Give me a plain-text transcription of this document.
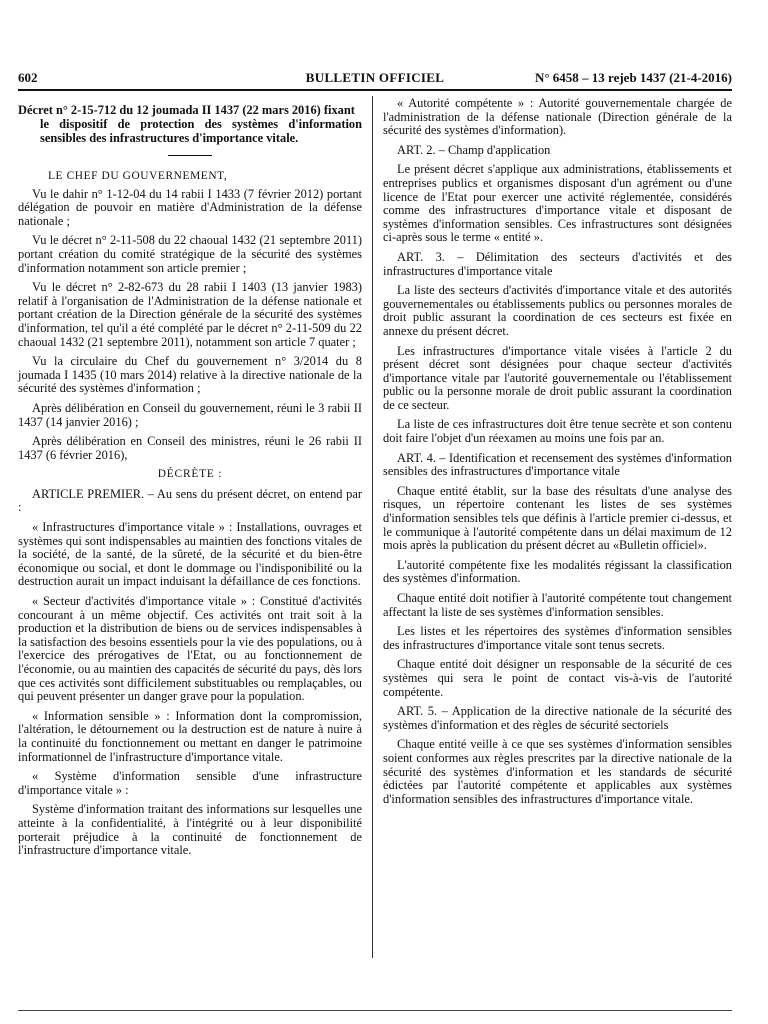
602	BULLETIN OFFICIEL	N° 6458 – 13 rejeb 1437 (21-4-2016)
Décret n° 2-15-712 du 12 joumada II 1437 (22 mars 2016) fixant
le dispositif de protection des systèmes d'information sensibles des infrastructures d'importance vitale.
LE CHEF DU GOUVERNEMENT,

Vu le dahir n° 1-12-04 du 14 rabii I 1433 (7 février 2012) portant délégation de pouvoir en matière d'Administration de la défense nationale ;

Vu le décret n° 2-11-508 du 22 chaoual 1432 (21 septembre 2011) portant création du comité stratégique de la sécurité des systèmes d'information notamment son article premier ;

Vu le décret n° 2-82-673 du 28 rabii I 1403 (13 janvier 1983) relatif à l'organisation de l'Administration de la défense nationale et portant création de la Direction générale de la sécurité des systèmes d'information, tel qu'il a été complété par le décret n° 2-11-509 du 22 chaoual 1432 (21 septembre 2011), notamment son article 7 quater ;

Vu la circulaire du Chef du gouvernement n° 3/2014 du 8 joumada I 1435 (10 mars 2014) relative à la directive nationale de la sécurité des systèmes d'information ;

Après délibération en Conseil du gouvernement, réuni le 3 rabii II 1437 (14 janvier 2016) ;

Après délibération en Conseil des ministres, réuni le 26 rabii II 1437 (6 février 2016),

DÉCRÈTE :

ARTICLE PREMIER. – Au sens du présent décret, on entend par :

« Infrastructures d'importance vitale » : Installations, ouvrages et systèmes qui sont indispensables au maintien des fonctions vitales de la société, de la santé, de la sûreté, de la sécurité et du bien-être économique ou social, et dont le dommage ou l'indisponibilité ou la destruction aurait un impact induisant la défaillance de ces fonctions.

« Secteur d'activités d'importance vitale » : Constitué d'activités concourant à un même objectif. Ces activités ont trait soit à la production et la distribution de biens ou de services indispensables à la satisfaction des besoins essentiels pour la vie des populations, ou à l'exercice des prérogatives de l'Etat, ou au fonctionnement de l'économie, ou au maintien des capacités de sécurité du pays, dès lors que ces activités sont difficilement substituables ou remplaçables, ou qui peuvent présenter un danger grave pour la population.

« Information sensible » : Information dont la compromission, l'altération, le détournement ou la destruction est de nature à nuire à la continuité du fonctionnement ou mettant en danger le patrimoine informationnel de l'infrastructure d'importance vitale.

« Système d'information sensible d'une infrastructure d'importance vitale » :

Système d'information traitant des informations sur lesquelles une atteinte à la confidentialité, à l'intégrité ou à leur disponibilité porterait préjudice à la continuité de fonctionnement de l'infrastructure d'importance vitale.

« Autorité compétente » : Autorité gouvernementale chargée de l'administration de la défense nationale (Direction générale de la sécurité des systèmes d'information).

ART. 2. – Champ d'application

Le présent décret s'applique aux administrations, établissements et entreprises publics et organismes disposant d'un agrément ou d'une licence de l'Etat pour exercer une activité réglementée, considérés comme des infrastructures d'importance vitale et disposant de systèmes d'information sensibles. Ces infrastructures sont désignées ci-après sous le terme « entité ».

ART. 3. – Délimitation des secteurs d'activités et des infrastructures d'importance vitale

La liste des secteurs d'activités d'importance vitale et des autorités gouvernementales ou établissements publics ou personnes morales de droit public assurant la coordination de ces secteurs est fixée en annexe du présent décret.

Les infrastructures d'importance vitale visées à l'article 2 du présent décret sont désignées pour chaque secteur d'activités d'importance vitale par l'autorité gouvernementale ou l'établissement public ou la personne morale de droit public assurant la coordination de ce secteur.

La liste de ces infrastructures doit être tenue secrète et son contenu doit faire l'objet d'un réexamen au moins une fois par an.

ART. 4. – Identification et recensement des systèmes d'information sensibles des infrastructures d'importance vitale

Chaque entité établit, sur la base des résultats d'une analyse des risques, un répertoire contenant les listes de ses systèmes d'information sensibles tels que définis à l'article premier ci-dessus, et le communique à l'autorité compétente dans un délai maximum de 12 mois après la publication du présent décret au «Bulletin officiel».

L'autorité compétente fixe les modalités régissant la classification des systèmes d'information.

Chaque entité doit notifier à l'autorité compétente tout changement affectant la liste de ses systèmes d'information sensibles.

Les listes et les répertoires des systèmes d'information sensibles des infrastructures d'importance vitale sont tenus secrets.

Chaque entité doit désigner un responsable de la sécurité de ces systèmes qui sera le point de contact vis-à-vis de l'autorité compétente.

ART. 5. – Application de la directive nationale de la sécurité des systèmes d'information et des règles de sécurité sectoriels

Chaque entité veille à ce que ses systèmes d'information sensibles soient conformes aux règles prescrites par la directive nationale de la sécurité des systèmes d'information et les standards de sécurité édictées par l'autorité compétente et applicables aux systèmes d'information sensibles des infrastructures d'importance vitale.
